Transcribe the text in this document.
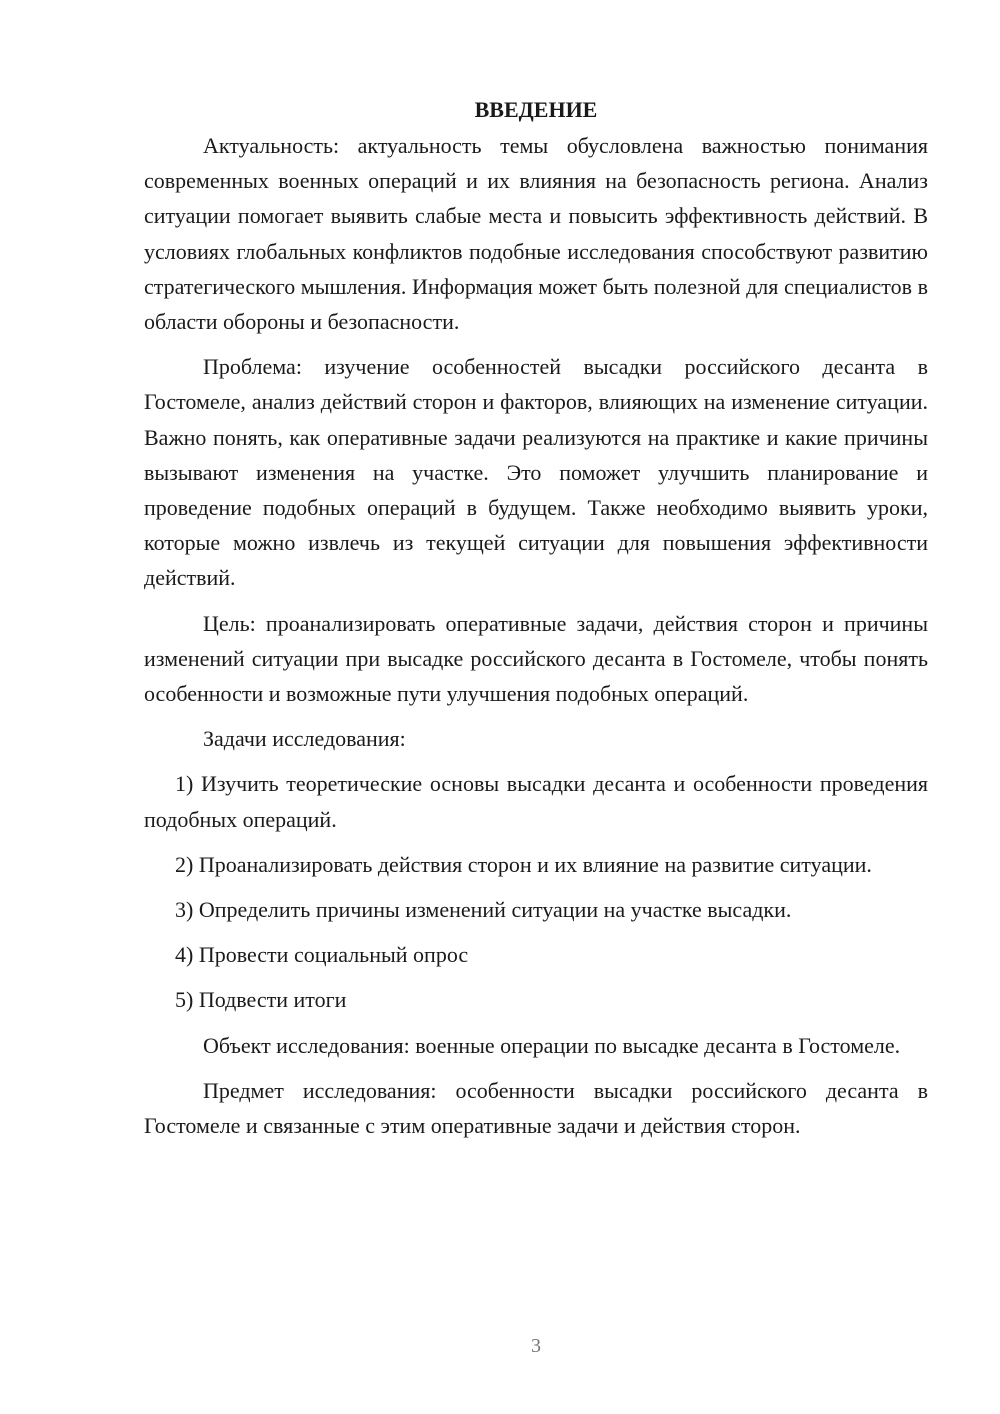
ВВЕДЕНИЕ

Актуальность: актуальность темы обусловлена важностью понимания современных военных операций и их влияния на безопасность региона. Анализ ситуации помогает выявить слабые места и повысить эффективность действий. В условиях глобальных конфликтов подобные исследования способствуют развитию стратегического мышления. Информация может быть полезной для специалистов в области обороны и безопасности.

Проблема: изучение особенностей высадки российского десанта в Гостомеле, анализ действий сторон и факторов, влияющих на изменение ситуации. Важно понять, как оперативные задачи реализуются на практике и какие причины вызывают изменения на участке. Это поможет улучшить планирование и проведение подобных операций в будущем. Также необходимо выявить уроки, которые можно извлечь из текущей ситуации для повышения эффективности действий.

Цель: проанализировать оперативные задачи, действия сторон и причины изменений ситуации при высадке российского десанта в Гостомеле, чтобы понять особенности и возможные пути улучшения подобных операций.

Задачи исследования:

1) Изучить теоретические основы высадки десанта и особенности проведения подобных операций.

2) Проанализировать действия сторон и их влияние на развитие ситуации.

3) Определить причины изменений ситуации на участке высадки.

4) Провести социальный опрос

5) Подвести итоги

Объект исследования: военные операции по высадке десанта в Гостомеле.

Предмет исследования: особенности высадки российского десанта в Гостомеле и связанные с этим оперативные задачи и действия сторон.

3
